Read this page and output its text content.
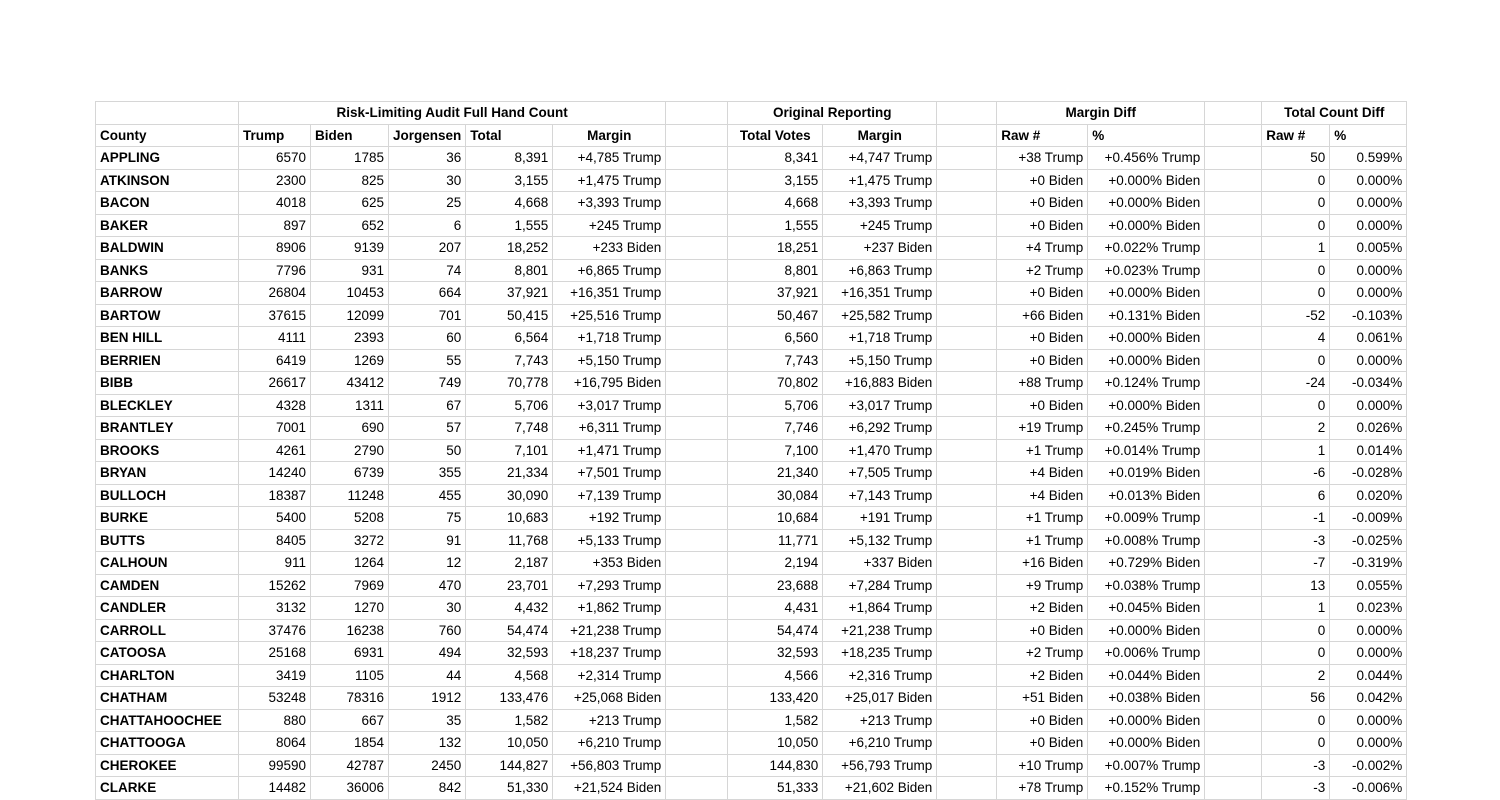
	Risk-Limiting Audit Full Hand Count						Original Reporting			Margin Diff			Total Count Diff	
County	Trump	Biden	Jorgensen	Total	Margin		Total Votes	Margin		Raw #	%		Raw #	%
APPLING	6570	1785	36	8,391	+4,785 Trump		8,341	+4,747 Trump		+38 Trump	+0.456% Trump		50	0.599%
ATKINSON	2300	825	30	3,155	+1,475 Trump		3,155	+1,475 Trump		+0 Biden	+0.000% Biden		0	0.000%
BACON	4018	625	25	4,668	+3,393 Trump		4,668	+3,393 Trump		+0 Biden	+0.000% Biden		0	0.000%
BAKER	897	652	6	1,555	+245 Trump		1,555	+245 Trump		+0 Biden	+0.000% Biden		0	0.000%
BALDWIN	8906	9139	207	18,252	+233 Biden		18,251	+237 Biden		+4 Trump	+0.022% Trump		1	0.005%
BANKS	7796	931	74	8,801	+6,865 Trump		8,801	+6,863 Trump		+2 Trump	+0.023% Trump		0	0.000%
BARROW	26804	10453	664	37,921	+16,351 Trump		37,921	+16,351 Trump		+0 Biden	+0.000% Biden		0	0.000%
BARTOW	37615	12099	701	50,415	+25,516 Trump		50,467	+25,582 Trump		+66 Biden	+0.131% Biden		-52	-0.103%
BEN HILL	4111	2393	60	6,564	+1,718 Trump		6,560	+1,718 Trump		+0 Biden	+0.000% Biden		4	0.061%
BERRIEN	6419	1269	55	7,743	+5,150 Trump		7,743	+5,150 Trump		+0 Biden	+0.000% Biden		0	0.000%
BIBB	26617	43412	749	70,778	+16,795 Biden		70,802	+16,883 Biden		+88 Trump	+0.124% Trump		-24	-0.034%
BLECKLEY	4328	1311	67	5,706	+3,017 Trump		5,706	+3,017 Trump		+0 Biden	+0.000% Biden		0	0.000%
BRANTLEY	7001	690	57	7,748	+6,311 Trump		7,746	+6,292 Trump		+19 Trump	+0.245% Trump		2	0.026%
BROOKS	4261	2790	50	7,101	+1,471 Trump		7,100	+1,470 Trump		+1 Trump	+0.014% Trump		1	0.014%
BRYAN	14240	6739	355	21,334	+7,501 Trump		21,340	+7,505 Trump		+4 Biden	+0.019% Biden		-6	-0.028%
BULLOCH	18387	11248	455	30,090	+7,139 Trump		30,084	+7,143 Trump		+4 Biden	+0.013% Biden		6	0.020%
BURKE	5400	5208	75	10,683	+192 Trump		10,684	+191 Trump		+1 Trump	+0.009% Trump		-1	-0.009%
BUTTS	8405	3272	91	11,768	+5,133 Trump		11,771	+5,132 Trump		+1 Trump	+0.008% Trump		-3	-0.025%
CALHOUN	911	1264	12	2,187	+353 Biden		2,194	+337 Biden		+16 Biden	+0.729% Biden		-7	-0.319%
CAMDEN	15262	7969	470	23,701	+7,293 Trump		23,688	+7,284 Trump		+9 Trump	+0.038% Trump		13	0.055%
CANDLER	3132	1270	30	4,432	+1,862 Trump		4,431	+1,864 Trump		+2 Biden	+0.045% Biden		1	0.023%
CARROLL	37476	16238	760	54,474	+21,238 Trump		54,474	+21,238 Trump		+0 Biden	+0.000% Biden		0	0.000%
CATOOSA	25168	6931	494	32,593	+18,237 Trump		32,593	+18,235 Trump		+2 Trump	+0.006% Trump		0	0.000%
CHARLTON	3419	1105	44	4,568	+2,314 Trump		4,566	+2,316 Trump		+2 Biden	+0.044% Biden		2	0.044%
CHATHAM	53248	78316	1912	133,476	+25,068 Biden		133,420	+25,017 Biden		+51 Biden	+0.038% Biden		56	0.042%
CHATTAHOOCHEE	880	667	35	1,582	+213 Trump		1,582	+213 Trump		+0 Biden	+0.000% Biden		0	0.000%
CHATTOOGA	8064	1854	132	10,050	+6,210 Trump		10,050	+6,210 Trump		+0 Biden	+0.000% Biden		0	0.000%
CHEROKEE	99590	42787	2450	144,827	+56,803 Trump		144,830	+56,793 Trump		+10 Trump	+0.007% Trump		-3	-0.002%
CLARKE	14482	36006	842	51,330	+21,524 Biden		51,333	+21,602 Biden		+78 Trump	+0.152% Trump		-3	-0.006%
